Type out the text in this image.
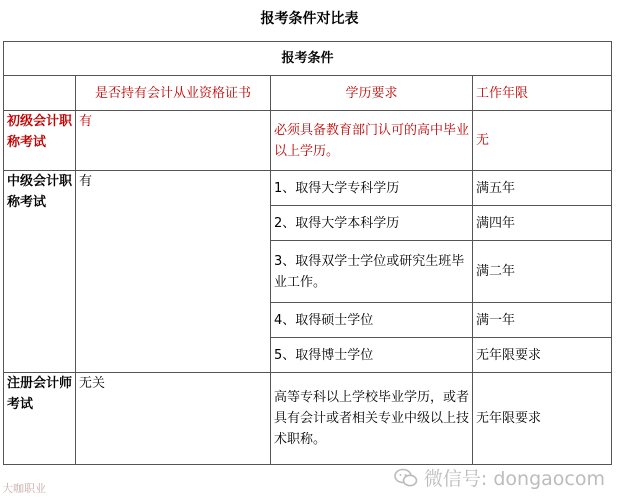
报考条件对比表
报考条件			
	是否持有会计从业资格证书	学历要求	工作年限
初级会计职称考试	有	必须具备教育部门认可的高中毕业以上学历。	无
中级会计职称考试	有	1、取得大学专科学历	满五年
		2、取得大学本科学历	满四年
		3、取得双学士学位或研究生班毕业工作。	满二年
		4、取得硕士学位	满一年
		5、取得博士学位	无年限要求
注册会计师考试	无关	高等专科以上学校毕业学历，或者具有会计或者相关专业中级以上技术职称。	无年限要求
大咖职业	微信号: dongaocom
